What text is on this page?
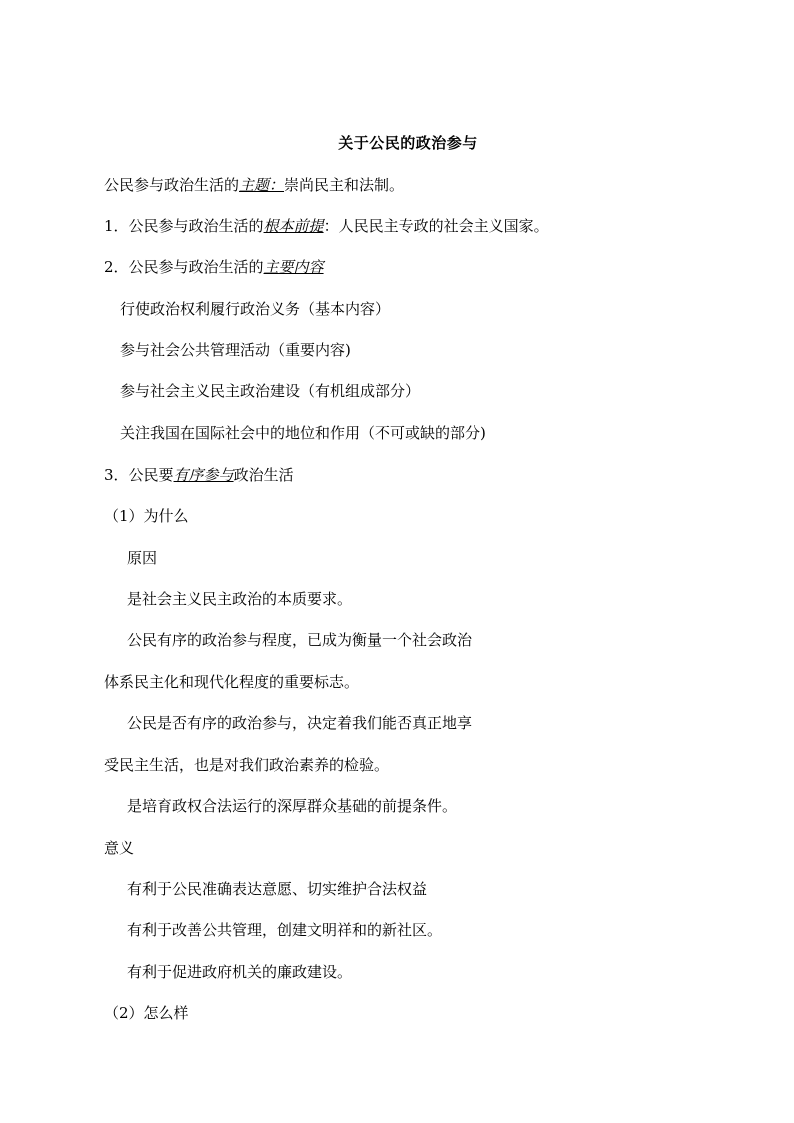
关于公民的政治参与
公民参与政治生活的主题：崇尚民主和法制。
1．公民参与政治生活的根本前提：人民民主专政的社会主义国家。
2．公民参与政治生活的主要内容
行使政治权利履行政治义务（基本内容）
参与社会公共管理活动（重要内容)
参与社会主义民主政治建设（有机组成部分）
关注我国在国际社会中的地位和作用（不可或缺的部分)
3．公民要有序参与政治生活
（1）为什么
原因
是社会主义民主政治的本质要求。
公民有序的政治参与程度，已成为衡量一个社会政治
体系民主化和现代化程度的重要标志。
公民是否有序的政治参与，决定着我们能否真正地享
受民主生活，也是对我们政治素养的检验。
是培育政权合法运行的深厚群众基础的前提条件。
意义
有利于公民准确表达意愿、切实维护合法权益
有利于改善公共管理，创建文明祥和的新社区。
有利于促进政府机关的廉政建设。
（2）怎么样
